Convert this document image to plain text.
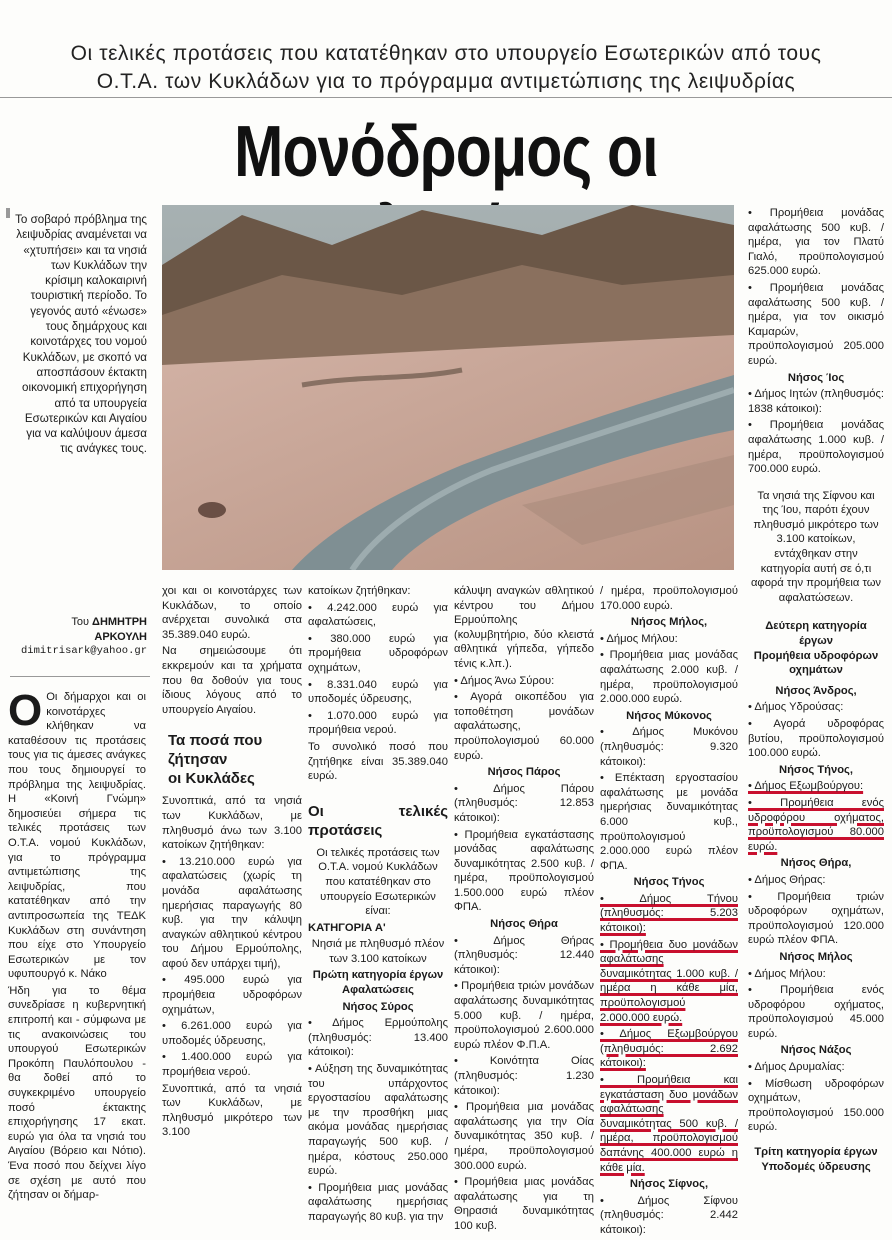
Οι τελικές προτάσεις που κατατέθηκαν στο υπουργείο Εσωτερικών από τους
Ο.Τ.Α. των Κυκλάδων για το πρόγραμμα αντιμετώπισης της λειψυδρίας
Μονόδρομος οι
Το σοβαρό πρόβλημα της λειψυδρίας αναμένεται να «χτυπήσει» και τα νησιά των Κυκλάδων την κρίσιμη καλοκαιρινή τουριστική περίοδο. Το γεγονός αυτό «ένωσε» τους δημάρχους και κοινοτάρχες του νομού Κυκλάδων, με σκοπό να αποσπάσουν έκτακτη οικονομική επιχορήγηση από τα υπουργεία Εσωτερικών και Αιγαίου για να καλύψουν άμεσα τις ανάγκες τους.
Του ΔΗΜΗΤΡΗ
ΑΡΚΟΥΛΗ
dimitrisark@yahoo.gr

Ο Οι δήμαρχοι και οι κοινοτάρχες κλήθηκαν να καταθέσουν τις προτάσεις τους για τις άμεσες ανάγκες που τους δημιουργεί το πρόβλημα της λειψυδρίας. Η «Κοινή Γνώμη» δημοσιεύει σήμερα τις τελικές προτάσεις των Ο.Τ.Α. νομού Κυκλάδων, για το πρόγραμμα αντιμετώπισης της λειψυδρίας, που κατατέθηκαν από την αντιπροσωπεία της ΤΕΔΚ Κυκλάδων στη συνάντηση που είχε στο Υπουργείο Εσωτερικών με τον υφυπουργό κ. Νάκο

Ήδη για το θέμα συνεδρίασε η κυβερνητική επιτροπή και - σύμφωνα με τις ανακοινώσεις του υπουργού Εσωτερικών Προκόπη Παυλόπουλου - θα δοθεί από το συγκεκριμένο υπουργείο ποσό έκτακτης επιχορήγησης 17 εκατ. ευρώ για όλα τα νησιά του Αιγαίου (Βόρειο και Νότιο). Ένα ποσό που δείχνει λίγο σε σχέση με αυτό που ζήτησαν οι δήμαρ-

χοι και οι κοινοτάρχες των Κυκλάδων, το οποίο ανέρχεται συνολικά στα 35.389.040 ευρώ.

Να σημειώσουμε ότι εκκρεμούν και τα χρήματα που θα δοθούν για τους ίδιους λόγους από το υπουργείο Αιγαίου.

Τα ποσά που
ζήτησαν
οι Κυκλάδες

Συνοπτικά, από τα νησιά των Κυκλάδων, με πληθυσμό άνω των 3.100 κατοίκων ζητήθηκαν:

• 13.210.000 ευρώ για αφαλατώσεις (χωρίς τη μονάδα αφαλάτωσης ημερήσιας παραγωγής 80 κυβ. για την κάλυψη αναγκών αθλητικού κέντρου του Δήμου Ερμούπολης, αφού δεν υπάρχει τιμή),

• 495.000 ευρώ για προμήθεια υδροφόρων οχημάτων,

• 6.261.000 ευρώ για υποδομές ύδρευσης,

• 1.400.000 ευρώ για προμήθεια νερού.

Συνοπτικά, από τα νησιά των Κυκλάδων, με πληθυσμό μικρότερο των 3.100

κατοίκων ζητήθηκαν:

• 4.242.000 ευρώ για αφαλατώσεις,

• 380.000 ευρώ για προμήθεια υδροφόρων οχημάτων,

• 8.331.040 ευρώ για υποδομές ύδρευσης,

• 1.070.000 ευρώ για προμήθεια νερού.

Το συνολικό ποσό που ζητήθηκε είναι 35.389.040 ευρώ.

Οι τελικές προτάσεις

Οι τελικές προτάσεις των Ο.Τ.Α. νομού Κυκλάδων που κατατέθηκαν στο υπουργείο Εσωτερικών είναι:

ΚΑΤΗΓΟΡΙΑ Α'

Νησιά με πληθυσμό πλέον των 3.100 κατοίκων

Πρώτη κατηγορία έργων Αφαλατώσεις

Νήσος Σύρος

• Δήμος Ερμούπολης (πληθυσμός: 13.400 κάτοικοι):

• Αύξηση της δυναμικότητας του υπάρχοντος εργοστασίου αφαλάτωσης με την προσθήκη μιας ακόμα μονάδας ημερήσιας παραγωγής 500 κυβ. / ημέρα, κόστους 250.000 ευρώ.

• Προμήθεια μιας μονάδας αφαλάτωσης ημερήσιας παραγωγής 80 κυβ. για την

κάλυψη αναγκών αθλητικού κέντρου του Δήμου Ερμούπολης (κολυμβητήριο, δύο κλειστά αθλητικά γήπεδα, γήπεδο τένις κ.λπ.).

• Δήμος Άνω Σύρου:

• Αγορά οικοπέδου για τοποθέτηση μονάδων αφαλάτωσης, προϋπολογισμού 60.000 ευρώ.

Νήσος Πάρος

• Δήμος Πάρου (πληθυσμός: 12.853 κάτοικοι):

• Προμήθεια εγκατάστασης μονάδας αφαλάτωσης δυναμικότητας 2.500 κυβ. / ημέρα, προϋπολογισμού 1.500.000 ευρώ πλέον ΦΠΑ.

Νήσος Θήρα

• Δήμος Θήρας (πληθυσμός: 12.440 κάτοικοι):

• Προμήθεια τριών μονάδων αφαλάτωσης δυναμικότητας 5.000 κυβ. / ημέρα, προϋπολογισμού 2.600.000 ευρώ πλέον Φ.Π.Α.

• Κοινότητα Οίας (πληθυσμός: 1.230 κάτοικοι):

• Προμήθεια μια μονάδας αφαλάτωσης για την Οία δυναμικότητας 350 κυβ. / ημέρα, προϋπολογισμού 300.000 ευρώ.

• Προμήθεια μιας μονάδας αφαλάτωσης για τη Θηρασιά δυναμικότητας 100 κυβ.

/ ημέρα, προϋπολογισμού 170.000 ευρώ.

Νήσος Μήλος,

• Δήμος Μήλου:

• Προμήθεια μιας μονάδας αφαλάτωσης 2.000 κυβ. / ημέρα, προϋπολογισμού 2.000.000 ευρώ.

Νήσος Μύκονος

• Δήμος Μυκόνου (πληθυσμός: 9.320 κάτοικοι):

• Επέκταση εργοστασίου αφαλάτωσης με μονάδα ημερήσιας δυναμικότητας 6.000 κυβ., προϋπολογισμού 2.000.000 ευρώ πλέον ΦΠΑ.

Νήσος Τήνος

• Δήμος Τήνου (πληθυσμός: 5.203 κάτοικοι):

• Προμήθεια δυο μονάδων αφαλάτωσης δυναμικότητας 1.000 κυβ. / ημέρα η κάθε μία, προϋπολογισμού 2.000.000 ευρώ.

• Δήμος Εξωμβούργου (πληθυσμός: 2.692 κάτοικοι):

• Προμήθεια και εγκατάσταση δυο μονάδων αφαλάτωσης δυναμικότητας 500 κυβ. / ημέρα, προϋπολογισμού δαπάνης 400.000 ευρώ η κάθε μία.

Νήσος Σίφνος,

• Δήμος Σίφνου (πληθυσμός: 2.442 κάτοικοι):

• Προμήθεια μονάδας αφαλάτωσης 500 κυβ. / ημέρα, για τον Πλατύ Γιαλό, προϋπολογισμού 625.000 ευρώ.

• Προμήθεια μονάδας αφαλάτωσης 500 κυβ. / ημέρα, για τον οικισμό Καμαρών, προϋπολογισμού 205.000 ευρώ.

Νήσος Ίος

• Δήμος Ιητών (πληθυσμός: 1838 κάτοικοι):

• Προμήθεια μονάδας αφαλάτωσης 1.000 κυβ. / ημέρα, προϋπολογισμού 700.000 ευρώ.

Τα νησιά της Σίφνου και της Ίου, παρότι έχουν πληθυσμό μικρότερο των 3.100 κατοίκων, εντάχθηκαν στην κατηγορία αυτή σε ό,τι αφορά την προμήθεια των αφαλατώσεων.

Δεύτερη κατηγορία
έργων
Προμήθεια υδροφόρων
οχημάτων

Νήσος Άνδρος,

• Δήμος Υδρούσας:

• Αγορά υδροφόρας βυτίου, προϋπολογισμού 100.000 ευρώ.

Νήσος Τήνος,

• Δήμος Εξωμβούργου:

• Προμήθεια ενός υδροφόρου οχήματος, προϋπολογισμού 80.000 ευρώ.

Νήσος Θήρα,

• Δήμος Θήρας:

• Προμήθεια τριών υδροφόρων οχημάτων, προϋπολογισμού 120.000 ευρώ πλέον ΦΠΑ.

Νήσος Μήλος

• Δήμος Μήλου:

• Προμήθεια ενός υδροφόρου οχήματος, προϋπολογισμού 45.000 ευρώ.

Νήσος Νάξος

• Δήμος Δρυμαλίας:

• Μίσθωση υδροφόρων οχημάτων, προϋπολογισμού 150.000 ευρώ.

Τρίτη κατηγορία έργων
Υποδομές ύδρευσης
